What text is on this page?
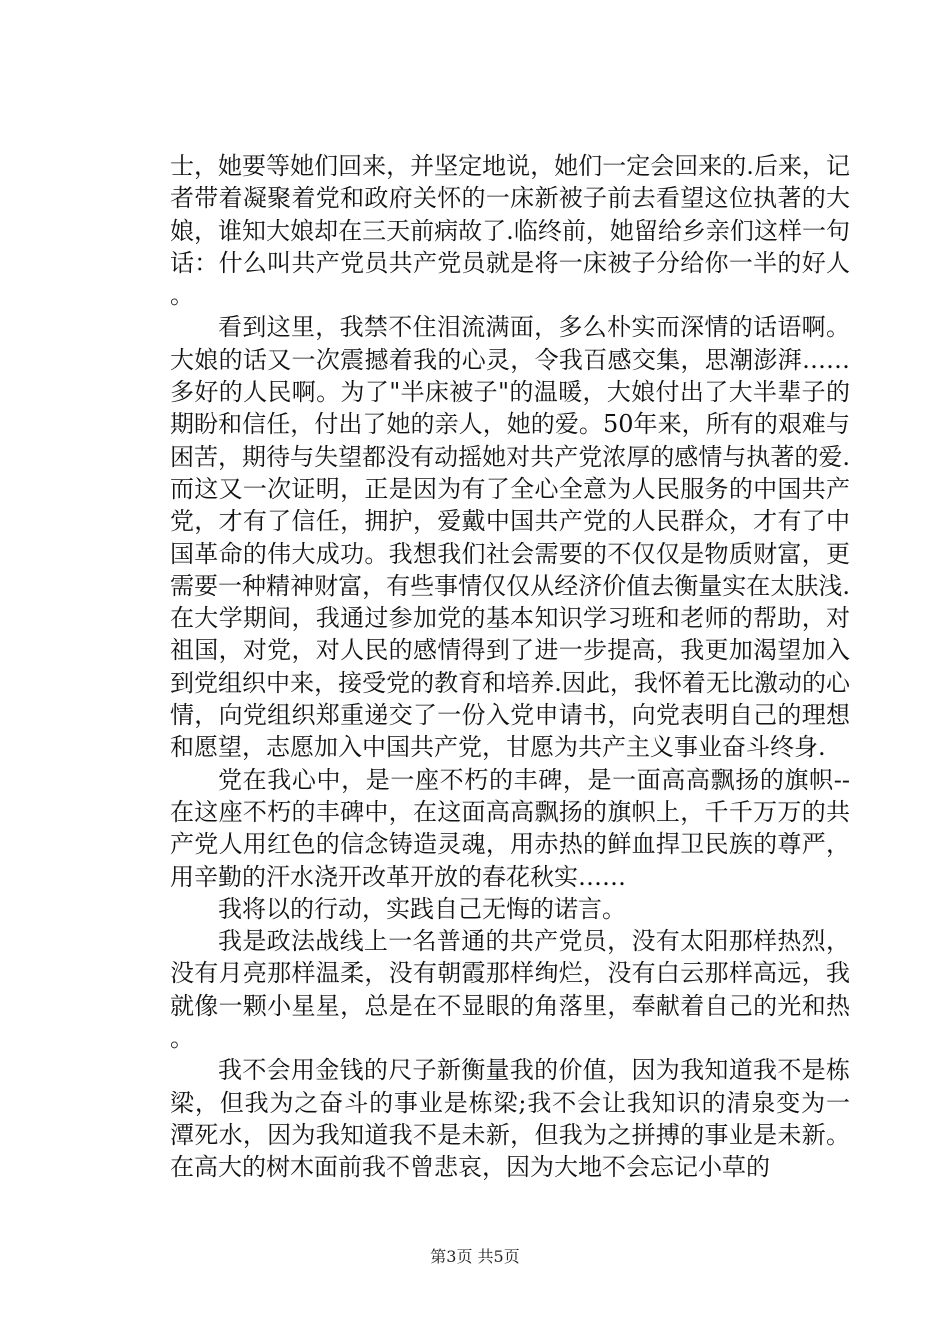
士，她要等她们回来，并坚定地说，她们一定会回来的.后来，记者带着凝聚着党和政府关怀的一床新被子前去看望这位执著的大娘，谁知大娘却在三天前病故了.临终前，她留给乡亲们这样一句话：什么叫共产党员共产党员就是将一床被子分给你一半的好人。

看到这里，我禁不住泪流满面，多么朴实而深情的话语啊。大娘的话又一次震撼着我的心灵，令我百感交集，思潮澎湃……多好的人民啊。为了"半床被子"的温暖，大娘付出了大半辈子的期盼和信任，付出了她的亲人，她的爱。50年来，所有的艰难与困苦，期待与失望都没有动摇她对共产党浓厚的感情与执著的爱.而这又一次证明，正是因为有了全心全意为人民服务的中国共产党，才有了信任，拥护，爱戴中国共产党的人民群众，才有了中国革命的伟大成功。我想我们社会需要的不仅仅是物质财富，更需要一种精神财富，有些事情仅仅从经济价值去衡量实在太肤浅.在大学期间，我通过参加党的基本知识学习班和老师的帮助，对祖国，对党，对人民的感情得到了进一步提高，我更加渴望加入到党组织中来，接受党的教育和培养.因此，我怀着无比激动的心情，向党组织郑重递交了一份入党申请书，向党表明自己的理想和愿望，志愿加入中国共产党，甘愿为共产主义事业奋斗终身.

党在我心中，是一座不朽的丰碑，是一面高高飘扬的旗帜--在这座不朽的丰碑中，在这面高高飘扬的旗帜上，千千万万的共产党人用红色的信念铸造灵魂，用赤热的鲜血捍卫民族的尊严，用辛勤的汗水浇开改革开放的春花秋实……

我将以的行动，实践自己无悔的诺言。

我是政法战线上一名普通的共产党员，没有太阳那样热烈，没有月亮那样温柔，没有朝霞那样绚烂，没有白云那样高远，我就像一颗小星星，总是在不显眼的角落里，奉献着自己的光和热。

我不会用金钱的尺子新衡量我的价值，因为我知道我不是栋梁，但我为之奋斗的事业是栋梁;我不会让我知识的清泉变为一潭死水，因为我知道我不是未新，但我为之拼搏的事业是未新。在高大的树木面前我不曾悲哀，因为大地不会忘记小草的

第3页 共5页
